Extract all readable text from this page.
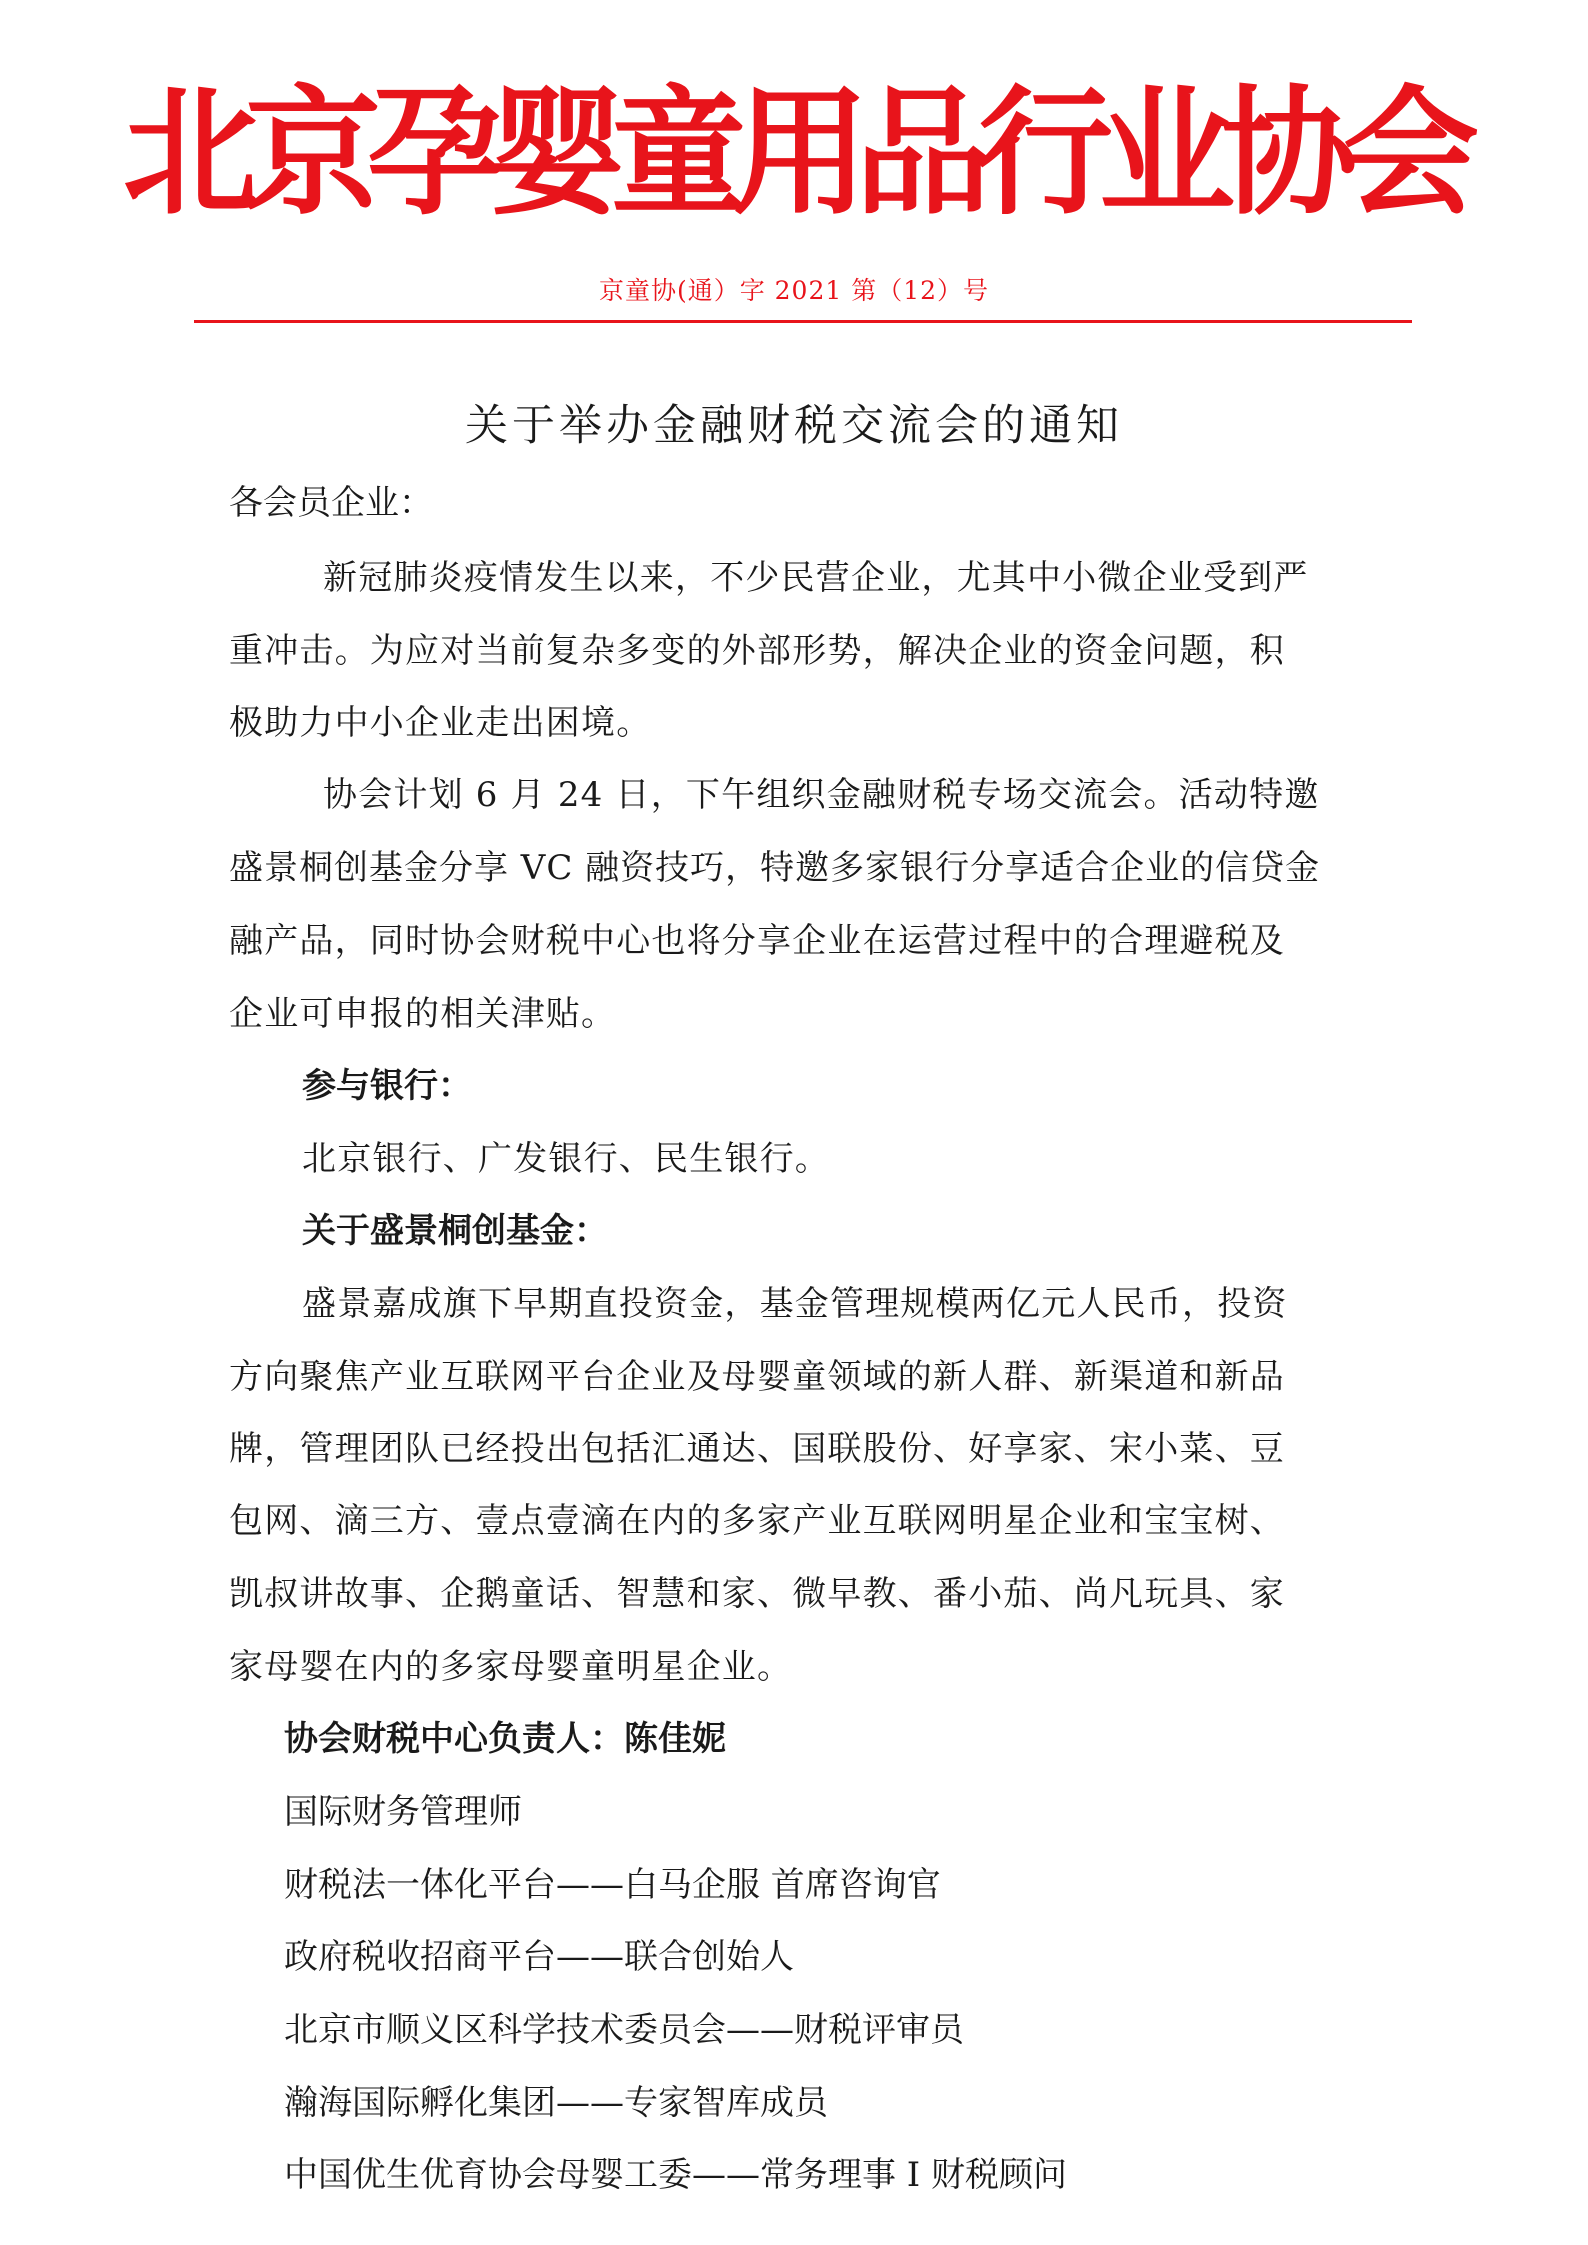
北京孕婴童用品行业协会
京童协(通）字 2021 第（12）号
关于举办金融财税交流会的通知
各会员企业：
新冠肺炎疫情发生以来，不少民营企业，尤其中小微企业受到严
重冲击。为应对当前复杂多变的外部形势，解决企业的资金问题，积
极助力中小企业走出困境。
协会计划 6 月 24 日，下午组织金融财税专场交流会。活动特邀
盛景桐创基金分享 VC 融资技巧，特邀多家银行分享适合企业的信贷金
融产品，同时协会财税中心也将分享企业在运营过程中的合理避税及
企业可申报的相关津贴。
参与银行：
北京银行、广发银行、民生银行。
关于盛景桐创基金：
盛景嘉成旗下早期直投资金，基金管理规模两亿元人民币，投资
方向聚焦产业互联网平台企业及母婴童领域的新人群、新渠道和新品
牌，管理团队已经投出包括汇通达、国联股份、好享家、宋小菜、豆
包网、滴三方、壹点壹滴在内的多家产业互联网明星企业和宝宝树、
凯叔讲故事、企鹅童话、智慧和家、微早教、番小茄、尚凡玩具、家
家母婴在内的多家母婴童明星企业。
协会财税中心负责人：陈佳妮
国际财务管理师
财税法一体化平台——白马企服 首席咨询官
政府税收招商平台——联合创始人
北京市顺义区科学技术委员会——财税评审员
瀚海国际孵化集团——专家智库成员
中国优生优育协会母婴工委——常务理事 I 财税顾问
